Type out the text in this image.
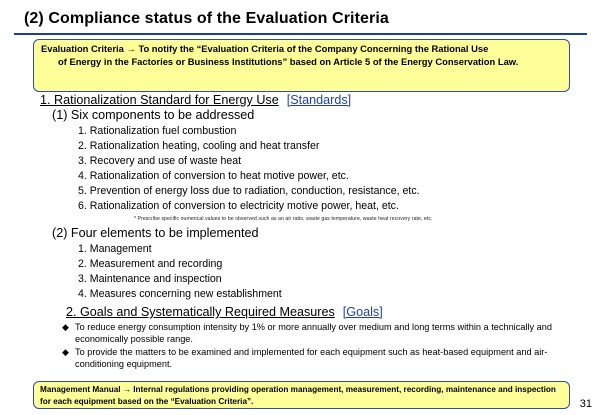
(2) Compliance status of the Evaluation Criteria
Evaluation Criteria → To notify the “Evaluation Criteria of the Company Concerning the Rational Use
of Energy in the Factories or Business Institutions” based on Article 5 of the Energy Conservation Law.
1. Rationalization Standard for Energy Use [Standards]
(1) Six components to be addressed
1. Rationalization fuel combustion
2. Rationalization heating, cooling and heat transfer
3. Recovery and use of waste heat
4. Rationalization of conversion to heat motive power, etc.
5. Prevention of energy loss due to radiation, conduction, resistance, etc.
6. Rationalization of conversion to electricity motive power, heat, etc.
* Prescribe specific numerical values to be observed such as an air ratio, waste gas temperature, waste heat recovery rate, etc.
(2) Four elements to be implemented
1. Management
2. Measurement and recording
3. Maintenance and inspection
4. Measures concerning new establishment
2. Goals and Systematically Required Measures [Goals]
◆ To reduce energy consumption intensity by 1% or more annually over medium and long terms within a technically and economically possible range.
◆ To provide the matters to be examined and implemented for each equipment such as heat-based equipment and air-conditioning equipment.
Management Manual → Internal regulations providing operation management, measurement, recording, maintenance and inspection for each equipment based on the “Evaluation Criteria”.	31
